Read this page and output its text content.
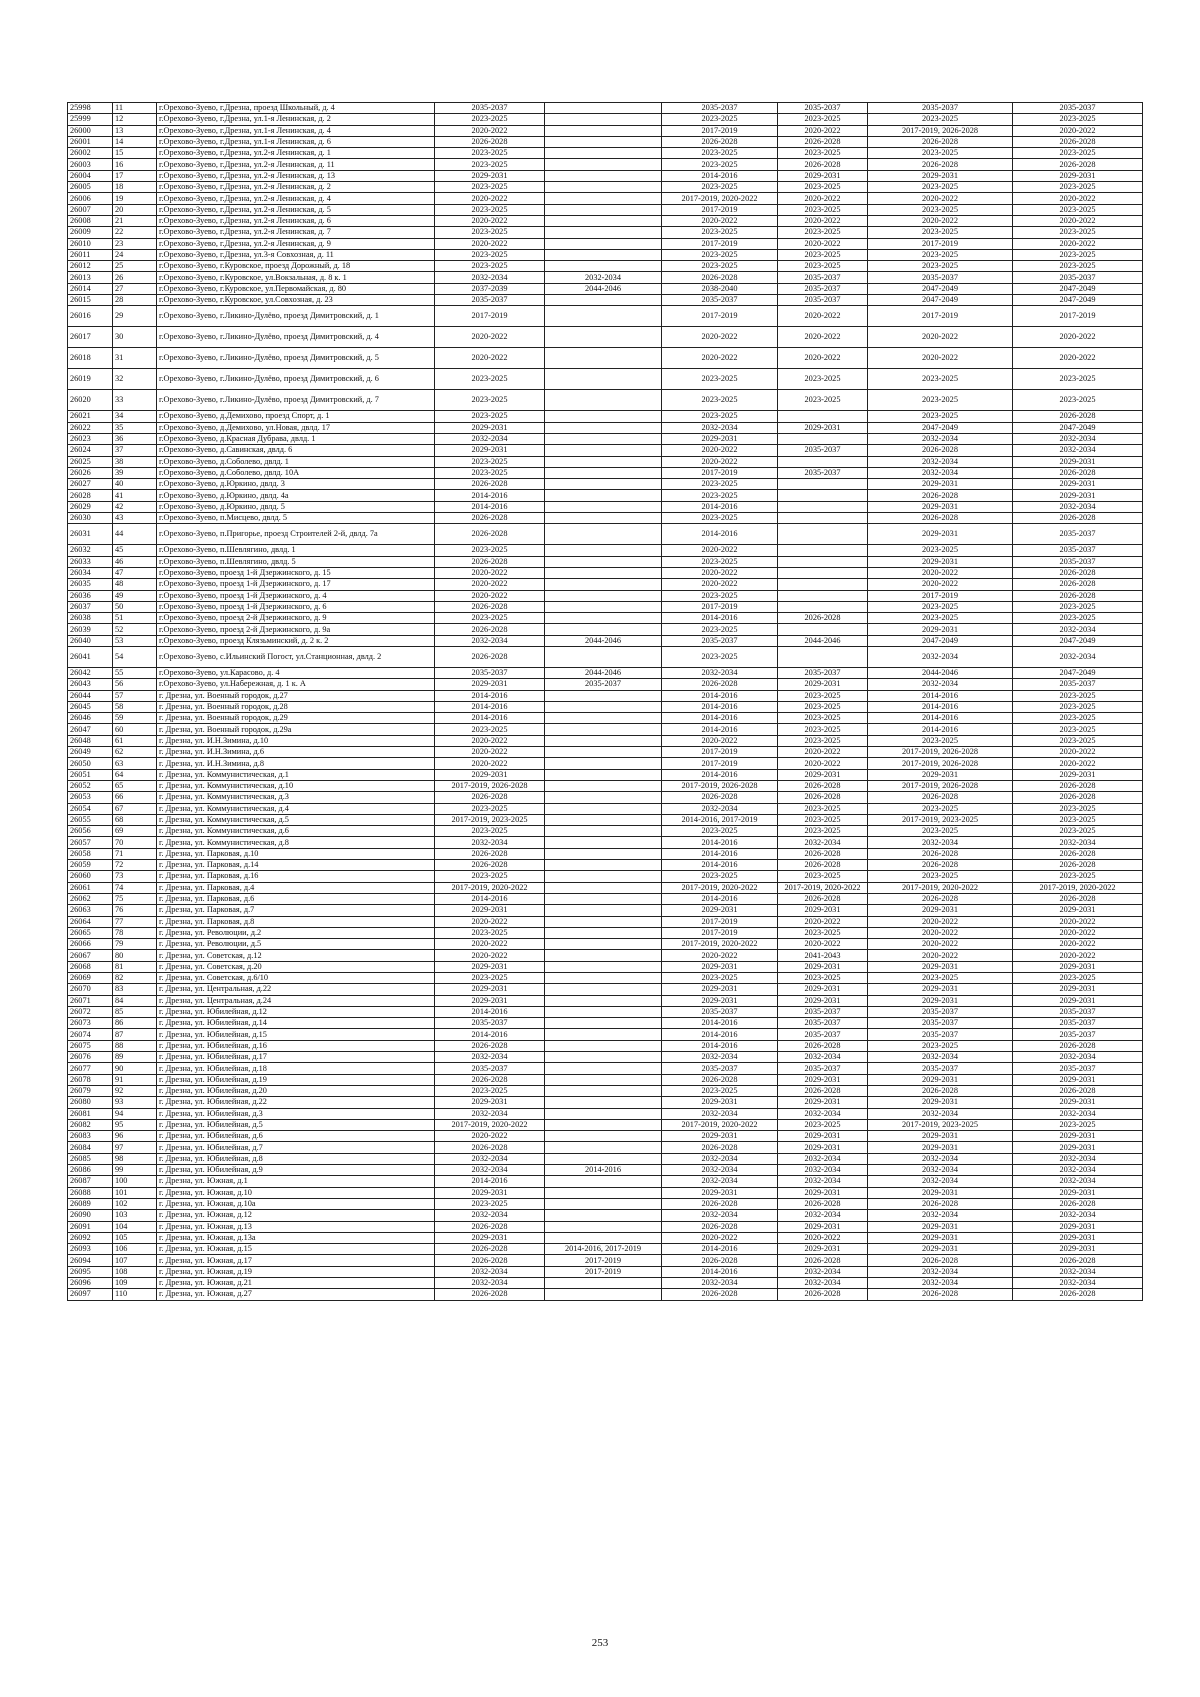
25998	11	г.Орехово-Зуево, г.Дрезна, проезд Школьный, д. 4	2035-2037		2035-2037	2035-2037	2035-2037	2035-2037
25999	12	г.Орехово-Зуево, г.Дрезна, ул.1-я Ленинская, д. 2	2023-2025		2023-2025	2023-2025	2023-2025	2023-2025
26000	13	г.Орехово-Зуево, г.Дрезна, ул.1-я Ленинская, д. 4	2020-2022		2017-2019	2020-2022	2017-2019, 2026-2028	2020-2022
26001	14	г.Орехово-Зуево, г.Дрезна, ул.1-я Ленинская, д. 6	2026-2028		2026-2028	2026-2028	2026-2028	2026-2028
26002	15	г.Орехово-Зуево, г.Дрезна, ул.2-я Ленинская, д. 1	2023-2025		2023-2025	2023-2025	2023-2025	2023-2025
26003	16	г.Орехово-Зуево, г.Дрезна, ул.2-я Ленинская, д. 11	2023-2025		2023-2025	2026-2028	2026-2028	2026-2028
26004	17	г.Орехово-Зуево, г.Дрезна, ул.2-я Ленинская, д. 13	2029-2031		2014-2016	2029-2031	2029-2031	2029-2031
26005	18	г.Орехово-Зуево, г.Дрезна, ул.2-я Ленинская, д. 2	2023-2025		2023-2025	2023-2025	2023-2025	2023-2025
26006	19	г.Орехово-Зуево, г.Дрезна, ул.2-я Ленинская, д. 4	2020-2022		2017-2019, 2020-2022	2020-2022	2020-2022	2020-2022
26007	20	г.Орехово-Зуево, г.Дрезна, ул.2-я Ленинская, д. 5	2023-2025		2017-2019	2023-2025	2023-2025	2023-2025
26008	21	г.Орехово-Зуево, г.Дрезна, ул.2-я Ленинская, д. 6	2020-2022		2020-2022	2020-2022	2020-2022	2020-2022
26009	22	г.Орехово-Зуево, г.Дрезна, ул.2-я Ленинская, д. 7	2023-2025		2023-2025	2023-2025	2023-2025	2023-2025
26010	23	г.Орехово-Зуево, г.Дрезна, ул.2-я Ленинская, д. 9	2020-2022		2017-2019	2020-2022	2017-2019	2020-2022
26011	24	г.Орехово-Зуево, г.Дрезна, ул.3-я Совхозная, д. 11	2023-2025		2023-2025	2023-2025	2023-2025	2023-2025
26012	25	г.Орехово-Зуево, г.Куровское, проезд Дорожный, д. 18	2023-2025		2023-2025	2023-2025	2023-2025	2023-2025
26013	26	г.Орехово-Зуево, г.Куровское, ул.Вокзальная, д. 8 к. 1	2032-2034	2032-2034	2026-2028	2035-2037	2035-2037	2035-2037
26014	27	г.Орехово-Зуево, г.Куровское, ул.Первомайская, д. 80	2037-2039	2044-2046	2038-2040	2035-2037	2047-2049	2047-2049
26015	28	г.Орехово-Зуево, г.Куровское, ул.Совхозная, д. 23	2035-2037		2035-2037	2035-2037	2047-2049	2047-2049
26016	29	г.Орехово-Зуево, г.Ликино-Дулёво, проезд Димитровский, д. 1	2017-2019		2017-2019	2020-2022	2017-2019	2017-2019
26017	30	г.Орехово-Зуево, г.Ликино-Дулёво, проезд Димитровский, д. 4	2020-2022		2020-2022	2020-2022	2020-2022	2020-2022
26018	31	г.Орехово-Зуево, г.Ликино-Дулёво, проезд Димитровский, д. 5	2020-2022		2020-2022	2020-2022	2020-2022	2020-2022
26019	32	г.Орехово-Зуево, г.Ликино-Дулёво, проезд Димитровский, д. 6	2023-2025		2023-2025	2023-2025	2023-2025	2023-2025
26020	33	г.Орехово-Зуево, г.Ликино-Дулёво, проезд Димитровский, д. 7	2023-2025		2023-2025	2023-2025	2023-2025	2023-2025
26021	34	г.Орехово-Зуево, д.Демихово, проезд Спорт, д. 1	2023-2025		2023-2025		2023-2025	2026-2028
26022	35	г.Орехово-Зуево, д.Демихово, ул.Новая, двлд. 17	2029-2031		2032-2034	2029-2031	2047-2049	2047-2049
26023	36	г.Орехово-Зуево, д.Красная Дубрава, двлд. 1	2032-2034		2029-2031		2032-2034	2032-2034
26024	37	г.Орехово-Зуево, д.Савинская, двлд. 6	2029-2031		2020-2022	2035-2037	2026-2028	2032-2034
26025	38	г.Орехово-Зуево, д.Соболево, двлд. 1	2023-2025		2020-2022		2032-2034	2029-2031
26026	39	г.Орехово-Зуево, д.Соболево, двлд. 10А	2023-2025		2017-2019	2035-2037	2032-2034	2026-2028
26027	40	г.Орехово-Зуево, д.Юркино, двлд. 3	2026-2028		2023-2025		2029-2031	2029-2031
26028	41	г.Орехово-Зуево, д.Юркино, двлд. 4а	2014-2016		2023-2025		2026-2028	2029-2031
26029	42	г.Орехово-Зуево, д.Юркино, двлд. 5	2014-2016		2014-2016		2029-2031	2032-2034
26030	43	г.Орехово-Зуево, п.Мисцево, двлд. 5	2026-2028		2023-2025		2026-2028	2026-2028
26031	44	г.Орехово-Зуево, п.Пригорье, проезд Строителей 2-й, двлд. 7а	2026-2028		2014-2016		2029-2031	2035-2037
26032	45	г.Орехово-Зуево, п.Шевлягино, двлд. 1	2023-2025		2020-2022		2023-2025	2035-2037
26033	46	г.Орехово-Зуево, п.Шевлягино, двлд. 5	2026-2028		2023-2025		2029-2031	2035-2037
26034	47	г.Орехово-Зуево, проезд 1-й Дзержинского, д. 15	2020-2022		2020-2022		2020-2022	2026-2028
26035	48	г.Орехово-Зуево, проезд 1-й Дзержинского, д. 17	2020-2022		2020-2022		2020-2022	2026-2028
26036	49	г.Орехово-Зуево, проезд 1-й Дзержинского, д. 4	2020-2022		2023-2025		2017-2019	2026-2028
26037	50	г.Орехово-Зуево, проезд 1-й Дзержинского, д. 6	2026-2028		2017-2019		2023-2025	2023-2025
26038	51	г.Орехово-Зуево, проезд 2-й Дзержинского, д. 9	2023-2025		2014-2016	2026-2028	2023-2025	2023-2025
26039	52	г.Орехово-Зуево, проезд 2-й Дзержинского, д. 9а	2026-2028		2023-2025		2029-2031	2032-2034
26040	53	г.Орехово-Зуево, проезд Клязьминский, д. 2 к. 2	2032-2034	2044-2046	2035-2037	2044-2046	2047-2049	2047-2049
26041	54	г.Орехово-Зуево, с.Ильинский Погост, ул.Станционная, двлд. 2	2026-2028		2023-2025		2032-2034	2032-2034
26042	55	г.Орехово-Зуево, ул.Карасово, д. 4	2035-2037	2044-2046	2032-2034	2035-2037	2044-2046	2047-2049
26043	56	г.Орехово-Зуево, ул.Набережная, д. 1 к. А	2029-2031	2035-2037	2026-2028	2029-2031	2032-2034	2035-2037
26044	57	г. Дрезна, ул. Военный городок, д.27	2014-2016		2014-2016	2023-2025	2014-2016	2023-2025
26045	58	г. Дрезна, ул. Военный городок, д.28	2014-2016		2014-2016	2023-2025	2014-2016	2023-2025
26046	59	г. Дрезна, ул. Военный городок, д.29	2014-2016		2014-2016	2023-2025	2014-2016	2023-2025
26047	60	г. Дрезна, ул. Военный городок, д.29а	2023-2025		2014-2016	2023-2025	2014-2016	2023-2025
26048	61	г. Дрезна, ул. И.Н.Зимина, д.10	2020-2022		2020-2022	2023-2025	2023-2025	2023-2025
26049	62	г. Дрезна, ул. И.Н.Зимина, д.6	2020-2022		2017-2019	2020-2022	2017-2019, 2026-2028	2020-2022
26050	63	г. Дрезна, ул. И.Н.Зимина, д.8	2020-2022		2017-2019	2020-2022	2017-2019, 2026-2028	2020-2022
26051	64	г. Дрезна, ул. Коммунистическая, д.1	2029-2031		2014-2016	2029-2031	2029-2031	2029-2031
26052	65	г. Дрезна, ул. Коммунистическая, д.10	2017-2019, 2026-2028		2017-2019, 2026-2028	2026-2028	2017-2019, 2026-2028	2026-2028
26053	66	г. Дрезна, ул. Коммунистическая, д.3	2026-2028		2026-2028	2026-2028	2026-2028	2026-2028
26054	67	г. Дрезна, ул. Коммунистическая, д.4	2023-2025		2032-2034	2023-2025	2023-2025	2023-2025
26055	68	г. Дрезна, ул. Коммунистическая, д.5	2017-2019, 2023-2025		2014-2016, 2017-2019	2023-2025	2017-2019, 2023-2025	2023-2025
26056	69	г. Дрезна, ул. Коммунистическая, д.6	2023-2025		2023-2025	2023-2025	2023-2025	2023-2025
26057	70	г. Дрезна, ул. Коммунистическая, д.8	2032-2034		2014-2016	2032-2034	2032-2034	2032-2034
26058	71	г. Дрезна, ул. Парковая, д.10	2026-2028		2014-2016	2026-2028	2026-2028	2026-2028
26059	72	г. Дрезна, ул. Парковая, д.14	2026-2028		2014-2016	2026-2028	2026-2028	2026-2028
26060	73	г. Дрезна, ул. Парковая, д.16	2023-2025		2023-2025	2023-2025	2023-2025	2023-2025
26061	74	г. Дрезна, ул. Парковая, д.4	2017-2019, 2020-2022		2017-2019, 2020-2022	2017-2019, 2020-2022	2017-2019, 2020-2022	2017-2019, 2020-2022
26062	75	г. Дрезна, ул. Парковая, д.6	2014-2016		2014-2016	2026-2028	2026-2028	2026-2028
26063	76	г. Дрезна, ул. Парковая, д.7	2029-2031		2029-2031	2029-2031	2029-2031	2029-2031
26064	77	г. Дрезна, ул. Парковая, д.8	2020-2022		2017-2019	2020-2022	2020-2022	2020-2022
26065	78	г. Дрезна, ул. Революции, д.2	2023-2025		2017-2019	2023-2025	2020-2022	2020-2022
26066	79	г. Дрезна, ул. Революции, д.5	2020-2022		2017-2019, 2020-2022	2020-2022	2020-2022	2020-2022
26067	80	г. Дрезна, ул. Советская, д.12	2020-2022		2020-2022	2041-2043	2020-2022	2020-2022
26068	81	г. Дрезна, ул. Советская, д.20	2029-2031		2029-2031	2029-2031	2029-2031	2029-2031
26069	82	г. Дрезна, ул. Советская, д.6/10	2023-2025		2023-2025	2023-2025	2023-2025	2023-2025
26070	83	г. Дрезна, ул. Центральная, д.22	2029-2031		2029-2031	2029-2031	2029-2031	2029-2031
26071	84	г. Дрезна, ул. Центральная, д.24	2029-2031		2029-2031	2029-2031	2029-2031	2029-2031
26072	85	г. Дрезна, ул. Юбилейная, д.12	2014-2016		2035-2037	2035-2037	2035-2037	2035-2037
26073	86	г. Дрезна, ул. Юбилейная, д.14	2035-2037		2014-2016	2035-2037	2035-2037	2035-2037
26074	87	г. Дрезна, ул. Юбилейная, д.15	2014-2016		2014-2016	2035-2037	2035-2037	2035-2037
26075	88	г. Дрезна, ул. Юбилейная, д.16	2026-2028		2014-2016	2026-2028	2023-2025	2026-2028
26076	89	г. Дрезна, ул. Юбилейная, д.17	2032-2034		2032-2034	2032-2034	2032-2034	2032-2034
26077	90	г. Дрезна, ул. Юбилейная, д.18	2035-2037		2035-2037	2035-2037	2035-2037	2035-2037
26078	91	г. Дрезна, ул. Юбилейная, д.19	2026-2028		2026-2028	2029-2031	2029-2031	2029-2031
26079	92	г. Дрезна, ул. Юбилейная, д.20	2023-2025		2023-2025	2026-2028	2026-2028	2026-2028
26080	93	г. Дрезна, ул. Юбилейная, д.22	2029-2031		2029-2031	2029-2031	2029-2031	2029-2031
26081	94	г. Дрезна, ул. Юбилейная, д.3	2032-2034		2032-2034	2032-2034	2032-2034	2032-2034
26082	95	г. Дрезна, ул. Юбилейная, д.5	2017-2019, 2020-2022		2017-2019, 2020-2022	2023-2025	2017-2019, 2023-2025	2023-2025
26083	96	г. Дрезна, ул. Юбилейная, д.6	2020-2022		2029-2031	2029-2031	2029-2031	2029-2031
26084	97	г. Дрезна, ул. Юбилейная, д.7	2026-2028		2026-2028	2029-2031	2029-2031	2029-2031
26085	98	г. Дрезна, ул. Юбилейная, д.8	2032-2034		2032-2034	2032-2034	2032-2034	2032-2034
26086	99	г. Дрезна, ул. Юбилейная, д.9	2032-2034	2014-2016	2032-2034	2032-2034	2032-2034	2032-2034
26087	100	г. Дрезна, ул. Южная, д.1	2014-2016		2032-2034	2032-2034	2032-2034	2032-2034
26088	101	г. Дрезна, ул. Южная, д.10	2029-2031		2029-2031	2029-2031	2029-2031	2029-2031
26089	102	г. Дрезна, ул. Южная, д.10а	2023-2025		2026-2028	2026-2028	2026-2028	2026-2028
26090	103	г. Дрезна, ул. Южная, д.12	2032-2034		2032-2034	2032-2034	2032-2034	2032-2034
26091	104	г. Дрезна, ул. Южная, д.13	2026-2028		2026-2028	2029-2031	2029-2031	2029-2031
26092	105	г. Дрезна, ул. Южная, д.13а	2029-2031		2020-2022	2020-2022	2029-2031	2029-2031
26093	106	г. Дрезна, ул. Южная, д.15	2026-2028	2014-2016, 2017-2019	2014-2016	2029-2031	2029-2031	2029-2031
26094	107	г. Дрезна, ул. Южная, д.17	2026-2028	2017-2019	2026-2028	2026-2028	2026-2028	2026-2028
26095	108	г. Дрезна, ул. Южная, д.19	2032-2034	2017-2019	2014-2016	2032-2034	2032-2034	2032-2034
26096	109	г. Дрезна, ул. Южная, д.21	2032-2034		2032-2034	2032-2034	2032-2034	2032-2034
26097	110	г. Дрезна, ул. Южная, д.27	2026-2028		2026-2028	2026-2028	2026-2028	2026-2028
253
